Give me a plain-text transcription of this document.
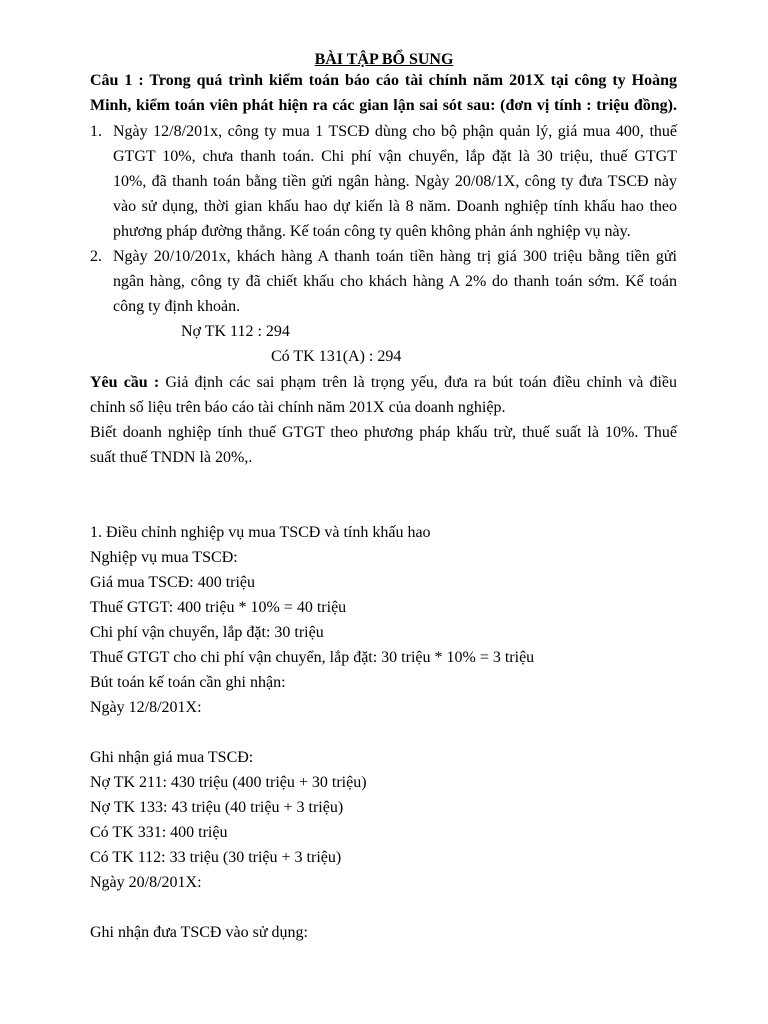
BÀI TẬP BỔ SUNG
Câu 1 : Trong quá trình kiểm toán báo cáo tài chính năm 201X tại công ty Hoàng
Minh, kiểm toán viên phát hiện ra các gian lận sai sót sau: (đơn vị tính : triệu đồng).
1. Ngày 12/8/201x, công ty mua 1 TSCĐ dùng cho bộ phận quản lý, giá mua 400, thuế
GTGT 10%, chưa thanh toán. Chi phí vận chuyển, lắp đặt là 30 triệu, thuế GTGT
10%, đã thanh toán bằng tiền gửi ngân hàng. Ngày 20/08/1X, công ty đưa TSCĐ này
vào sử dụng, thời gian khấu hao dự kiến là 8 năm. Doanh nghiệp tính khấu hao theo
phương pháp đường thẳng. Kế toán công ty quên không phản ánh nghiệp vụ này.
2. Ngày 20/10/201x, khách hàng A thanh toán tiền hàng trị giá 300 triệu bằng tiền gửi
ngân hàng, công ty đã chiết khấu cho khách hàng A 2% do thanh toán sớm. Kế toán
công ty định khoản.
Nợ TK 112 : 294
Có TK 131(A) : 294
Yêu cầu : Giả định các sai phạm trên là trọng yếu, đưa ra bút toán điều chỉnh và điều
chỉnh số liệu trên báo cáo tài chính năm 201X của doanh nghiệp.
Biết doanh nghiệp tính thuế GTGT theo phương pháp khấu trừ, thuế suất là 10%. Thuế
suất thuế TNDN là 20%,.
1. Điều chỉnh nghiệp vụ mua TSCĐ và tính khấu hao
Nghiệp vụ mua TSCĐ:
Giá mua TSCĐ: 400 triệu
Thuế GTGT: 400 triệu * 10% = 40 triệu
Chi phí vận chuyển, lắp đặt: 30 triệu
Thuế GTGT cho chi phí vận chuyển, lắp đặt: 30 triệu * 10% = 3 triệu
Bút toán kế toán cần ghi nhận:
Ngày 12/8/201X:
Ghi nhận giá mua TSCĐ:
Nợ TK 211: 430 triệu (400 triệu + 30 triệu)
Nợ TK 133: 43 triệu (40 triệu + 3 triệu)
Có TK 331: 400 triệu
Có TK 112: 33 triệu (30 triệu + 3 triệu)
Ngày 20/8/201X:
Ghi nhận đưa TSCĐ vào sử dụng:
